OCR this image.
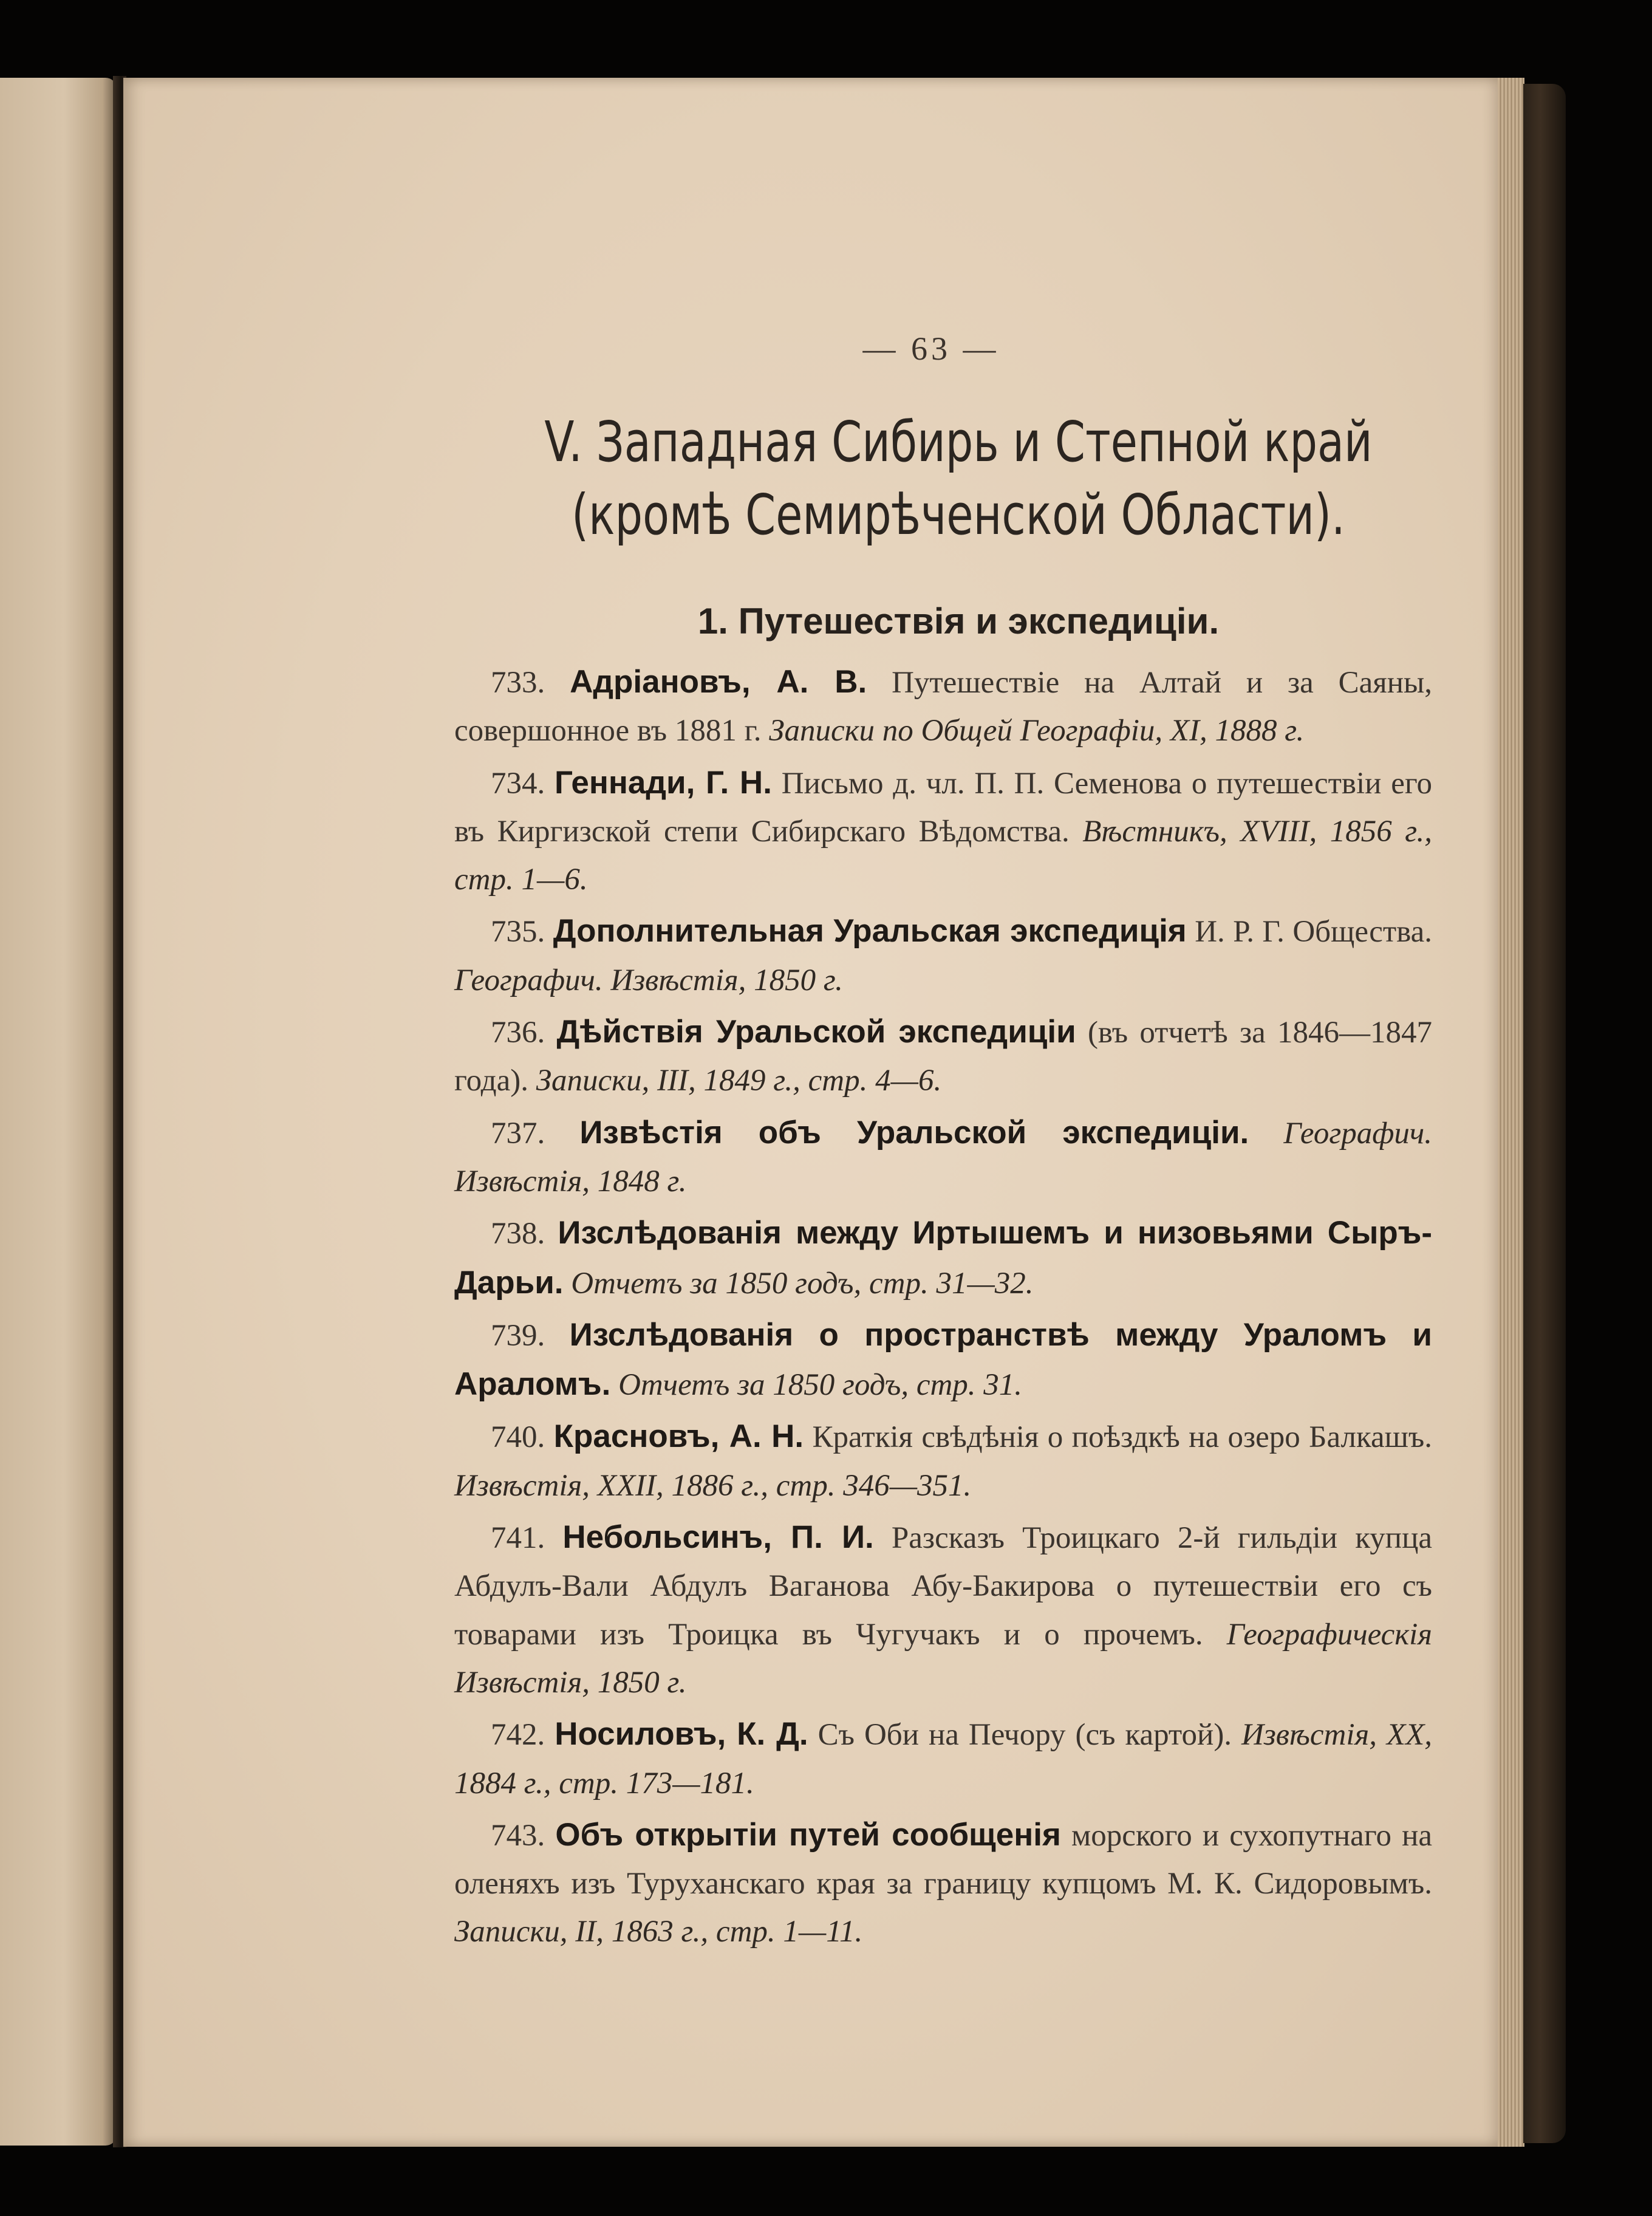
— 63 —
V. Западная Сибирь и Степной край (кромѣ Семирѣченской Области).
1. Путешествія и экспедиціи.

733. Адріановъ, А. В. Путешествіе на Алтай и за Саяны, совершонное въ 1881 г. Записки по Общей Географіи, XI, 1888 г.

734. Геннади, Г. Н. Письмо д. чл. П. П. Семенова о путешествіи его въ Киргизской степи Сибирскаго Вѣдомства. Вѣстникъ, XVIII, 1856 г., стр. 1—6.

735. Дополнительная Уральская экспедиція И. Р. Г. Общества. Географич. Извѣстія, 1850 г.

736. Дѣйствія Уральской экспедиціи (въ отчетѣ за 1846—1847 года). Записки, III, 1849 г., стр. 4—6.

737. Извѣстія объ Уральской экспедиціи. Географич. Извѣстія, 1848 г.

738. Изслѣдованія между Иртышемъ и низовьями Сыръ-Дарьи. Отчетъ за 1850 годъ, стр. 31—32.

739. Изслѣдованія о пространствѣ между Ураломъ и Араломъ. Отчетъ за 1850 годъ, стр. 31.

740. Красновъ, А. Н. Краткія свѣдѣнія о поѣздкѣ на озеро Балкашъ. Извѣстія, XXII, 1886 г., стр. 346—351.

741. Небольсинъ, П. И. Разсказъ Троицкаго 2-й гильдіи купца Абдулъ-Вали Абдулъ Ваганова Абу-Бакирова о путешествіи его съ товарами изъ Троицка въ Чугучакъ и о прочемъ. Географическія Извѣстія, 1850 г.

742. Носиловъ, К. Д. Съ Оби на Печору (съ картой). Извѣстія, XX, 1884 г., стр. 173—181.

743. Объ открытіи путей сообщенія морского и сухопутнаго на оленяхъ изъ Туруханскаго края за границу купцомъ М. К. Сидоровымъ. Записки, II, 1863 г., стр. 1—11.
